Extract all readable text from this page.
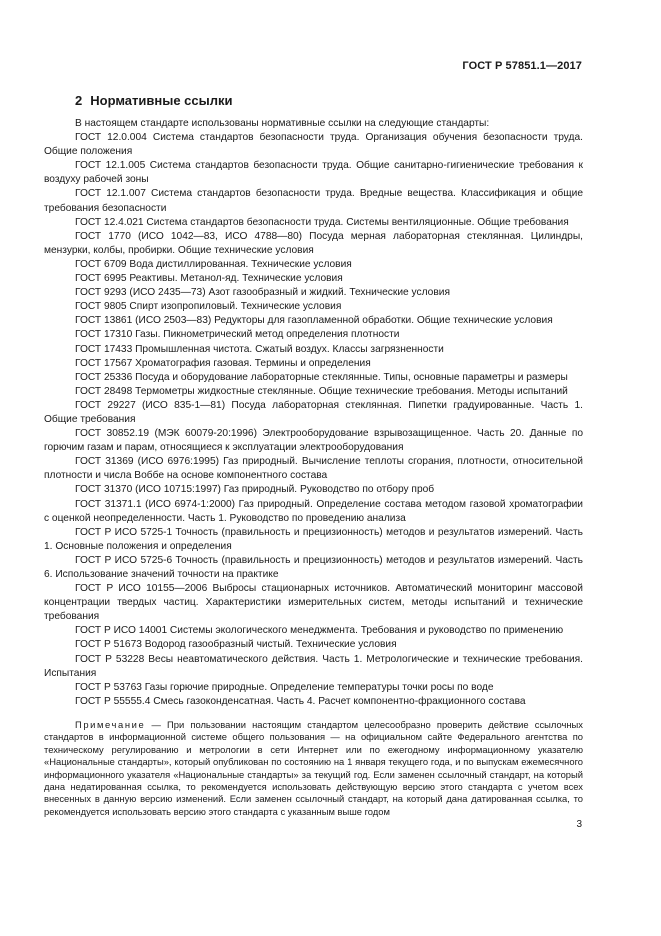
ГОСТ Р 57851.1—2017
2 Нормативные ссылки

В настоящем стандарте использованы нормативные ссылки на следующие стандарты:

ГОСТ 12.0.004 Система стандартов безопасности труда. Организация обучения безопасности труда. Общие положения

ГОСТ 12.1.005 Система стандартов безопасности труда. Общие санитарно-гигиенические требования к воздуху рабочей зоны

ГОСТ 12.1.007 Система стандартов безопасности труда. Вредные вещества. Классификация и общие требования безопасности

ГОСТ 12.4.021 Система стандартов безопасности труда. Системы вентиляционные. Общие требования

ГОСТ 1770 (ИСО 1042—83, ИСО 4788—80) Посуда мерная лабораторная стеклянная. Цилиндры, мензурки, колбы, пробирки. Общие технические условия

ГОСТ 6709 Вода дистиллированная. Технические условия

ГОСТ 6995 Реактивы. Метанол-яд. Технические условия

ГОСТ 9293 (ИСО 2435—73) Азот газообразный и жидкий. Технические условия

ГОСТ 9805 Спирт изопропиловый. Технические условия

ГОСТ 13861 (ИСО 2503—83) Редукторы для газопламенной обработки. Общие технические условия

ГОСТ 17310 Газы. Пикнометрический метод определения плотности

ГОСТ 17433 Промышленная чистота. Сжатый воздух. Классы загрязненности

ГОСТ 17567 Хроматография газовая. Термины и определения

ГОСТ 25336 Посуда и оборудование лабораторные стеклянные. Типы, основные параметры и размеры

ГОСТ 28498 Термометры жидкостные стеклянные. Общие технические требования. Методы испытаний

ГОСТ 29227 (ИСО 835-1—81) Посуда лабораторная стеклянная. Пипетки градуированные. Часть 1. Общие требования

ГОСТ 30852.19 (МЭК 60079-20:1996) Электрооборудование взрывозащищенное. Часть 20. Данные по горючим газам и парам, относящиеся к эксплуатации электрооборудования

ГОСТ 31369 (ИСО 6976:1995) Газ природный. Вычисление теплоты сгорания, плотности, относительной плотности и числа Воббе на основе компонентного состава

ГОСТ 31370 (ИСО 10715:1997) Газ природный. Руководство по отбору проб

ГОСТ 31371.1 (ИСО 6974-1:2000) Газ природный. Определение состава методом газовой хроматографии с оценкой неопределенности. Часть 1. Руководство по проведению анализа

ГОСТ Р ИСО 5725-1 Точность (правильность и прецизионность) методов и результатов измерений. Часть 1. Основные положения и определения

ГОСТ Р ИСО 5725-6 Точность (правильность и прецизионность) методов и результатов измерений. Часть 6. Использование значений точности на практике

ГОСТ Р ИСО 10155—2006 Выбросы стационарных источников. Автоматический мониторинг массовой концентрации твердых частиц. Характеристики измерительных систем, методы испытаний и технические требования

ГОСТ Р ИСО 14001 Системы экологического менеджмента. Требования и руководство по применению

ГОСТ Р 51673 Водород газообразный чистый. Технические условия

ГОСТ Р 53228 Весы неавтоматического действия. Часть 1. Метрологические и технические требования. Испытания

ГОСТ Р 53763 Газы горючие природные. Определение температуры точки росы по воде

ГОСТ Р 55555.4 Смесь газоконденсатная. Часть 4. Расчет компонентно-фракционного состава

Примечание — При пользовании настоящим стандартом целесообразно проверить действие ссылочных стандартов в информационной системе общего пользования — на официальном сайте Федерального агентства по техническому регулированию и метрологии в сети Интернет или по ежегодному информационному указателю «Национальные стандарты», который опубликован по состоянию на 1 января текущего года, и по выпускам ежемесячного информационного указателя «Национальные стандарты» за текущий год. Если заменен ссылочный стандарт, на который дана недатированная ссылка, то рекомендуется использовать действующую версию этого стандарта с учетом всех внесенных в данную версию изменений. Если заменен ссылочный стандарт, на который дана датированная ссылка, то рекомендуется использовать версию этого стандарта с указанным выше годом

3
